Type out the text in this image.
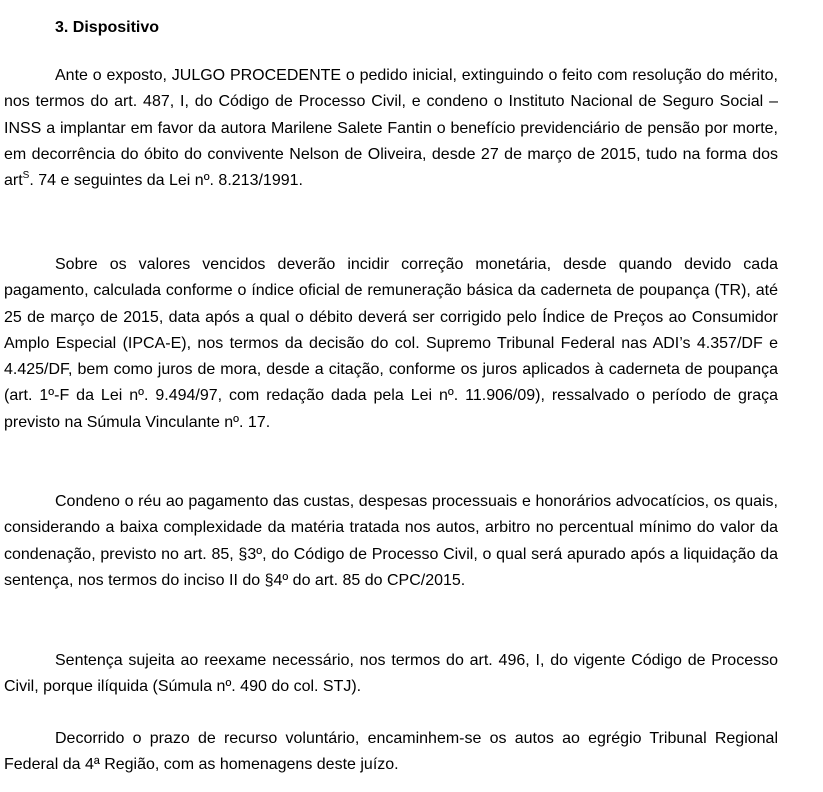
3. Dispositivo

Ante o exposto, JULGO PROCEDENTE o pedido inicial, extinguindo o feito com resolução do mérito, nos termos do art. 487, I, do Código de Processo Civil, e condeno o Instituto Nacional de Seguro Social – INSS a implantar em favor da autora Marilene Salete Fantin o benefício previdenciário de pensão por morte, em decorrência do óbito do convivente Nelson de Oliveira, desde 27 de março de 2015, tudo na forma dos art$^S$. 74 e seguintes da Lei nº. 8.213/1991.

Sobre os valores vencidos deverão incidir correção monetária, desde quando devido cada pagamento, calculada conforme o índice oficial de remuneração básica da caderneta de poupança (TR), até 25 de março de 2015, data após a qual o débito deverá ser corrigido pelo Índice de Preços ao Consumidor Amplo Especial (IPCA-E), nos termos da decisão do col. Supremo Tribunal Federal nas ADI’s 4.357/DF e 4.425/DF, bem como juros de mora, desde a citação, conforme os juros aplicados à caderneta de poupança (art. 1º-F da Lei nº. 9.494/97, com redação dada pela Lei nº. 11.906/09), ressalvado o período de graça previsto na Súmula Vinculante nº. 17.

Condeno o réu ao pagamento das custas, despesas processuais e honorários advocatícios, os quais, considerando a baixa complexidade da matéria tratada nos autos, arbitro no percentual mínimo do valor da condenação, previsto no art. 85, §3º, do Código de Processo Civil, o qual será apurado após a liquidação da sentença, nos termos do inciso II do §4º do art. 85 do CPC/2015.

Sentença sujeita ao reexame necessário, nos termos do art. 496, I, do vigente Código de Processo Civil, porque ilíquida (Súmula nº. 490 do col. STJ).

Decorrido o prazo de recurso voluntário, encaminhem-se os autos ao egrégio Tribunal Regional Federal da 4ª Região, com as homenagens deste juízo.
